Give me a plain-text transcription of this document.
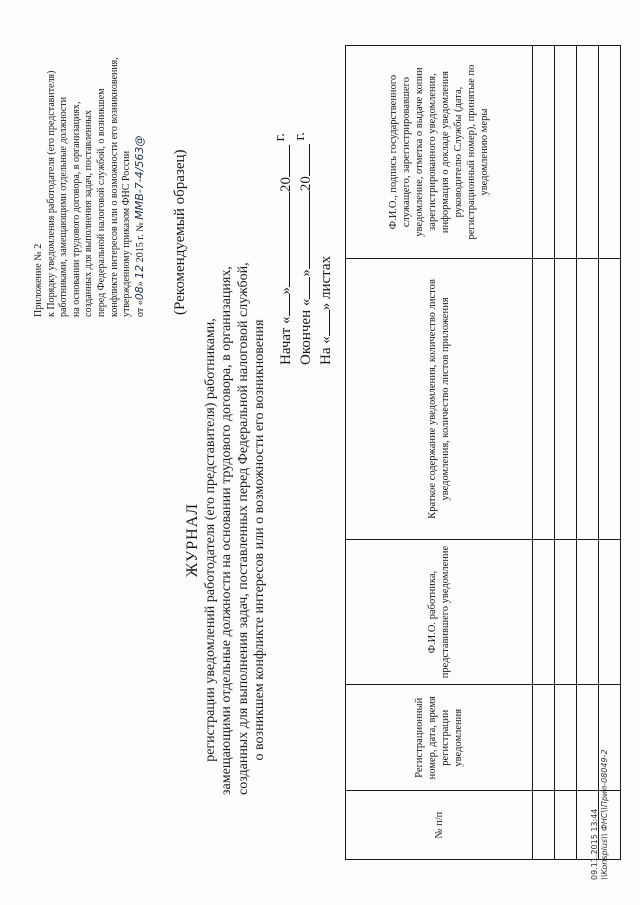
Приложение № 2 к Порядку уведомления работодателя (его представителя) работниками, замещающими отдельные должности на основании трудового договора, в организациях, созданных для выполнения задач, поставленных перед Федеральной налоговой службой, о возникшем конфликте интересов или о возможности его возникновения, утвержденному приказом ФНС России от «08» 12 2015 г. № ММВ-7-4/563@ (Рекомендуемый образец)
ЖУРНАЛ регистрации уведомлений работодателя (его представителя) работниками, замещающими отдельные должности на основании трудового договора, в организациях, созданных для выполнения задач, поставленных перед Федеральной налоговой службой, о возникшем конфликте интересов или о возможности его возникновения Начат «»20 г.
Окончен «»20 г.
На «» листах
№ п/п	Регистрационный номер, дата, время регистрации уведомления	Ф.И.О. работника, представившего уведомление	Краткое содержание уведомления, количество листов уведомления, количество листов приложения	Ф.И.О., подпись государственного служащего, зарегистрировавшего уведомление, отметка о выдаче копии зарегистрированного уведомления, информация о докладе уведомления руководителю Службы (дата, регистрационный номер), принятые по уведомлению меры

09.11.2015 13:44 \\Konsplus\\ ФНС\\Прил-08049-2
